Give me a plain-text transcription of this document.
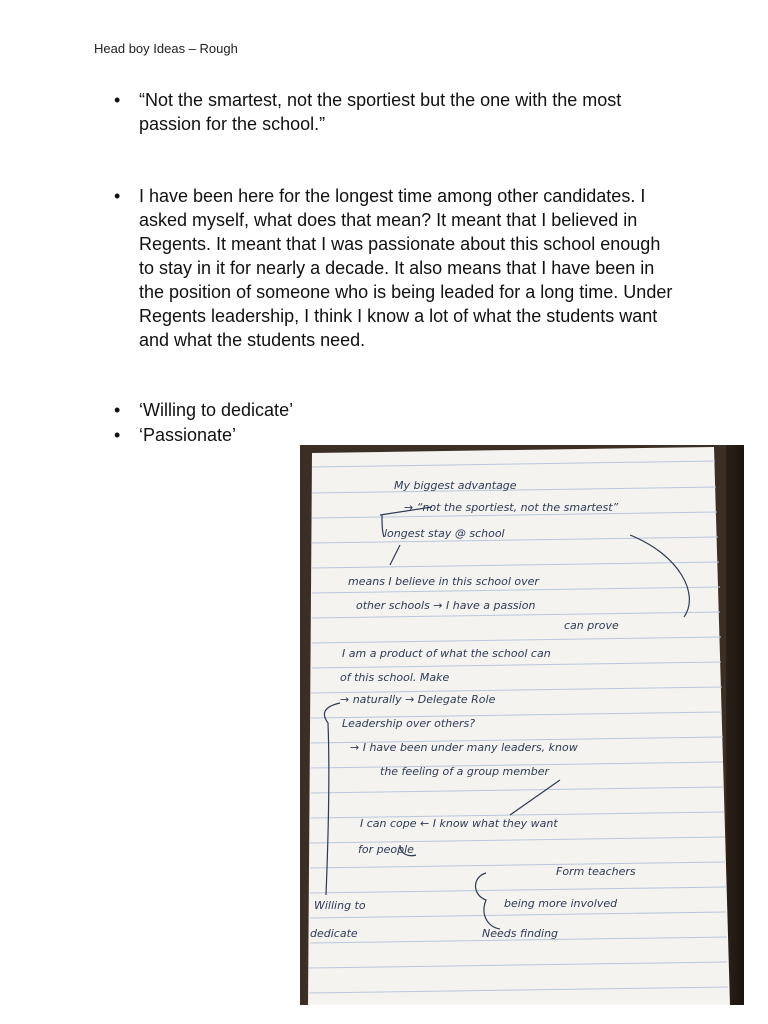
Head boy Ideas – Rough
• “Not the smartest, not the sportiest but the one with the most passion for the school.”
• I have been here for the longest time among other candidates. I asked myself, what does that mean? It meant that I believed in Regents. It meant that I was passionate about this school enough to stay in it for nearly a decade. It also means that I have been in the position of someone who is being leaded for a long time. Under Regents leadership, I think I know a lot of what the students want and what the students need.
• ‘Willing to dedicate’
• ‘Passionate’
My biggest advantage
→ “not the sportiest, not the smartest”
longest stay @ school
means I believe in this school over
other schools → I have a passion
can prove
I am a product of what the school can
of this school. Make
→ naturally → Delegate Role
Leadership over others?
→ I have been under many leaders, know
the feeling of a group member
I can cope ← I know what they want
for people
Form teachers
Willing to	being more involved
dedicate	Needs finding
